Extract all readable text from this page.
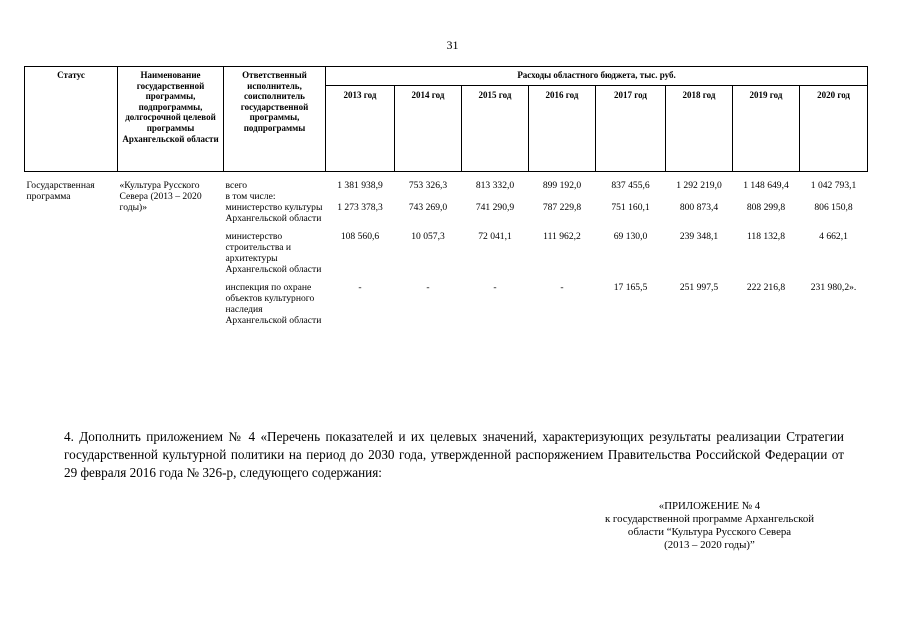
31
Статус	Наименование государственной программы, подпрограммы, долгосрочной целевой программы Архангельской области	Ответственный исполнитель, соисполнитель государственной программы, подпрограммы	Расходы областного бюджета, тыс. руб.							
			2013 год	2014 год	2015 год	2016 год	2017 год	2018 год	2019 год	2020 год

Государственная программа	«Культура Русского Севера (2013 – 2020 годы)»	всего	1 381 938,9	753 326,3	813 332,0	899 192,0	837 455,6	1 292 219,0	1 148 649,4	1 042 793,1
		в том числе:								
		министерство культуры Архангельской области	1 273 378,3	743 269,0	741 290,9	787 229,8	751 160,1	800 873,4	808 299,8	806 150,8
		министерство строительства и архитектуры Архангельской области	108 560,6	10 057,3	72 041,1	111 962,2	69 130,0	239 348,1	118 132,8	4 662,1
		инспекция по охране объектов культурного наследия Архангельской области	-	-	-	-	17 165,5	251 997,5	222 216,8	231 980,2».
4. Дополнить приложением № 4 «Перечень показателей и их целевых значений, характеризующих результаты реализации Стратегии государственной культурной политики на период до 2030 года, утвержденной распоряжением Правительства Российской Федерации от 29 февраля 2016 года № 326-р, следующего содержания:
«ПРИЛОЖЕНИЕ № 4
к государственной программе Архангельской
области “Культура Русского Севера
(2013 – 2020 годы)”
